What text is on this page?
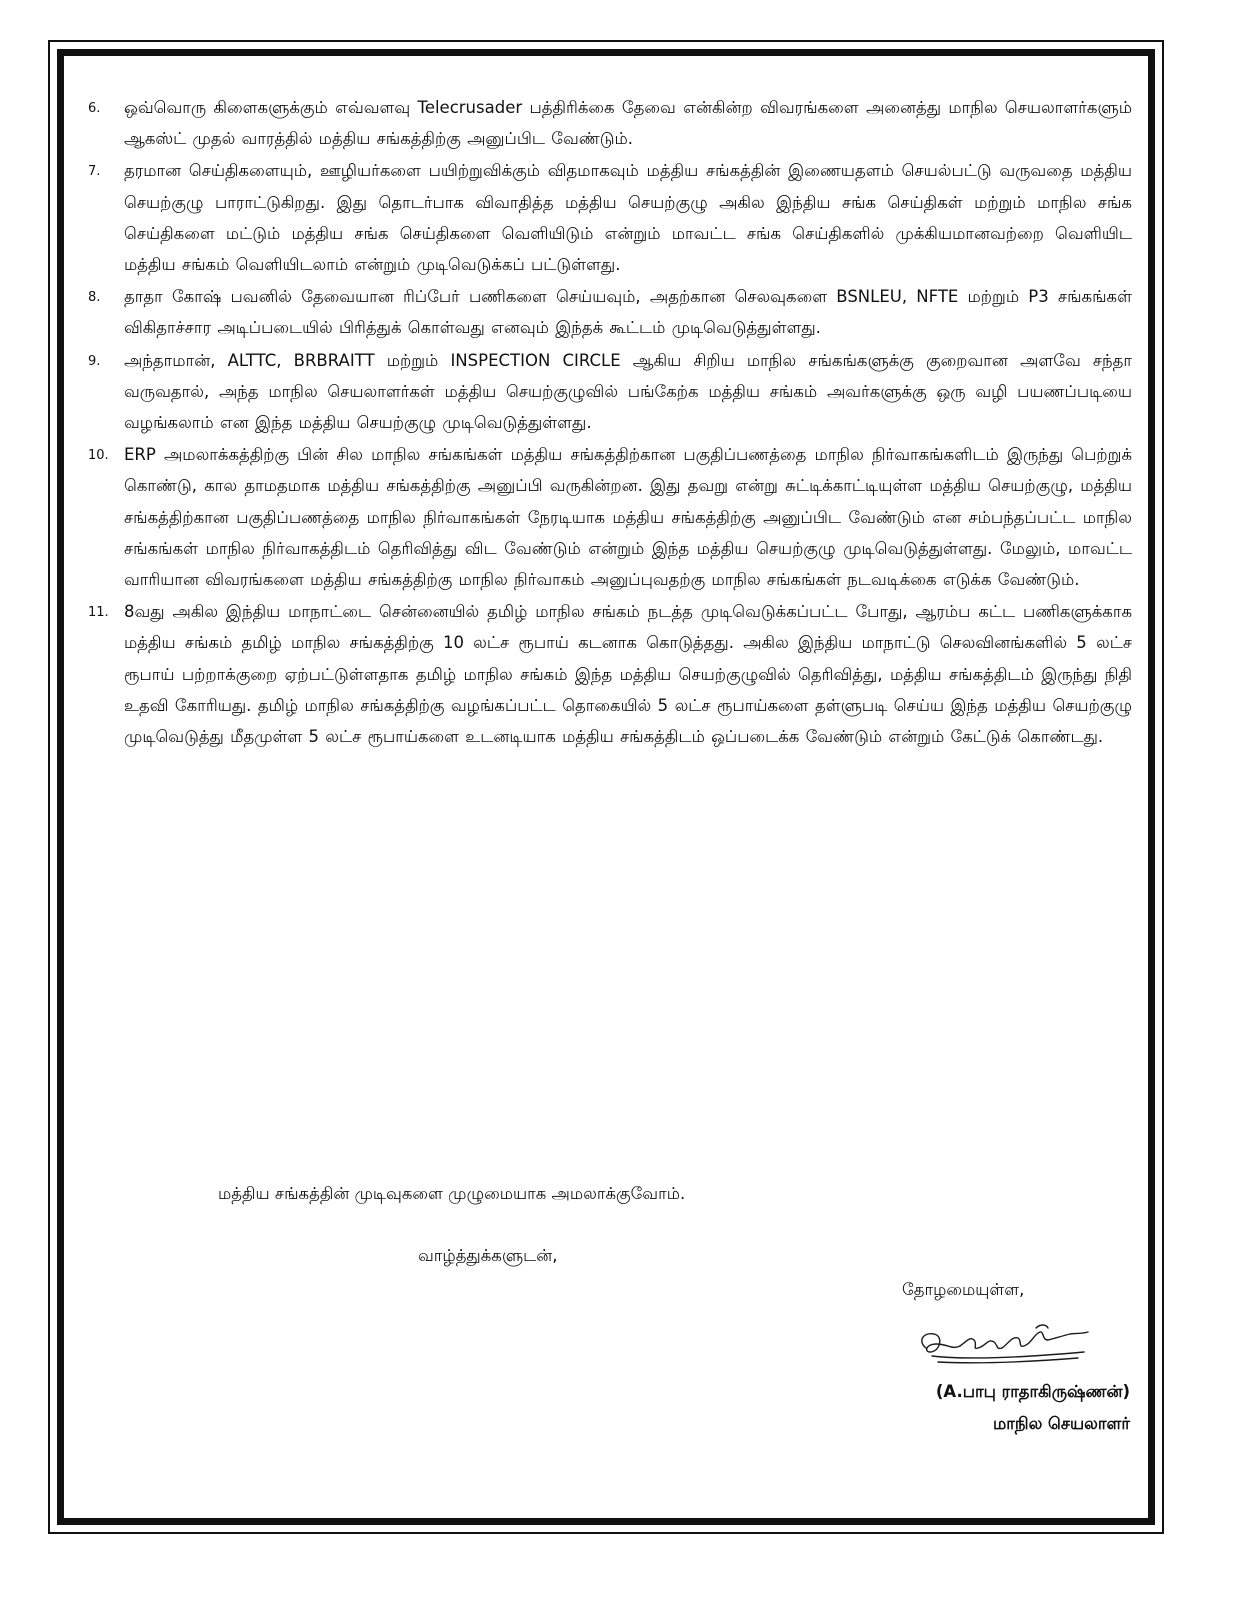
6.	ஒவ்வொரு கிளைகளுக்கும் எவ்வளவு Telecrusader பத்திரிக்கை தேவை என்கின்ற விவரங்களை அனைத்து மாநில செயலாளர்களும் ஆகஸ்ட் முதல் வாரத்தில் மத்திய சங்கத்திற்கு அனுப்பிட வேண்டும்.
7.	தரமான செய்திகளையும், ஊழியர்களை பயிற்றுவிக்கும் விதமாகவும் மத்திய சங்கத்தின் இணையதளம் செயல்பட்டு வருவதை மத்திய செயற்குழு பாராட்டுகிறது. இது தொடர்பாக விவாதித்த மத்திய செயற்குழு அகில இந்திய சங்க செய்திகள் மற்றும் மாநில சங்க செய்திகளை மட்டும் மத்திய சங்க செய்திகளை வெளியிடும் என்றும் மாவட்ட சங்க செய்திகளில் முக்கியமானவற்றை வெளியிட மத்திய சங்கம் வெளியிடலாம் என்றும் முடிவெடுக்கப் பட்டுள்ளது.
8.	தாதா கோஷ் பவனில் தேவையான ரிப்பேர் பணிகளை செய்யவும், அதற்கான செலவுகளை BSNLEU, NFTE மற்றும் P3 சங்கங்கள் விகிதாச்சார அடிப்படையில் பிரித்துக் கொள்வது எனவும் இந்தக் கூட்டம் முடிவெடுத்துள்ளது.
9.	அந்தாமான், ALTTC, BRBRAITT மற்றும் INSPECTION CIRCLE ஆகிய சிறிய மாநில சங்கங்களுக்கு குறைவான அளவே சந்தா வருவதால், அந்த மாநில செயலாளர்கள் மத்திய செயற்குழுவில் பங்கேற்க மத்திய சங்கம் அவர்களுக்கு ஒரு வழி பயணப்படியை வழங்கலாம் என இந்த மத்திய செயற்குழு முடிவெடுத்துள்ளது.
10. ERP அமலாக்கத்திற்கு பின் சில மாநில சங்கங்கள் மத்திய சங்கத்திற்கான பகுதிப்பணத்தை மாநில நிர்வாகங்களிடம் இருந்து பெற்றுக் கொண்டு, கால தாமதமாக மத்திய சங்கத்திற்கு அனுப்பி வருகின்றன. இது தவறு என்று சுட்டிக்காட்டியுள்ள மத்திய செயற்குழு, மத்திய சங்கத்திற்கான பகுதிப்பணத்தை மாநில நிர்வாகங்கள் நேரடியாக மத்திய சங்கத்திற்கு அனுப்பிட வேண்டும் என சம்பந்தப்பட்ட மாநில சங்கங்கள் மாநில நிர்வாகத்திடம் தெரிவித்து விட வேண்டும் என்றும் இந்த மத்திய செயற்குழு முடிவெடுத்துள்ளது. மேலும், மாவட்ட வாரியான விவரங்களை மத்திய சங்கத்திற்கு மாநில நிர்வாகம் அனுப்புவதற்கு மாநில சங்கங்கள் நடவடிக்கை எடுக்க வேண்டும்.
11. 8வது அகில இந்திய மாநாட்டை சென்னையில் தமிழ் மாநில சங்கம் நடத்த முடிவெடுக்கப்பட்ட போது, ஆரம்ப கட்ட பணிகளுக்காக மத்திய சங்கம் தமிழ் மாநில சங்கத்திற்கு 10 லட்ச ரூபாய் கடனாக கொடுத்தது. அகில இந்திய மாநாட்டு செலவினங்களில் 5 லட்ச ரூபாய் பற்றாக்குறை ஏற்பட்டுள்ளதாக தமிழ் மாநில சங்கம் இந்த மத்திய செயற்குழுவில் தெரிவித்து, மத்திய சங்கத்திடம் இருந்து நிதி உதவி கோரியது. தமிழ் மாநில சங்கத்திற்கு வழங்கப்பட்ட தொகையில் 5 லட்ச ரூபாய்களை தள்ளுபடி செய்ய இந்த மத்திய செயற்குழு முடிவெடுத்து மீதமுள்ள 5 லட்ச ரூபாய்களை உடனடியாக மத்திய சங்கத்திடம் ஒப்படைக்க வேண்டும் என்றும் கேட்டுக் கொண்டது.
மத்திய சங்கத்தின் முடிவுகளை முழுமையாக அமலாக்குவோம்.
வாழ்த்துக்களுடன்,
தோழமையுள்ள,
(A.பாபு ராதாகிருஷ்ணன்)
மாநில செயலாளர்
